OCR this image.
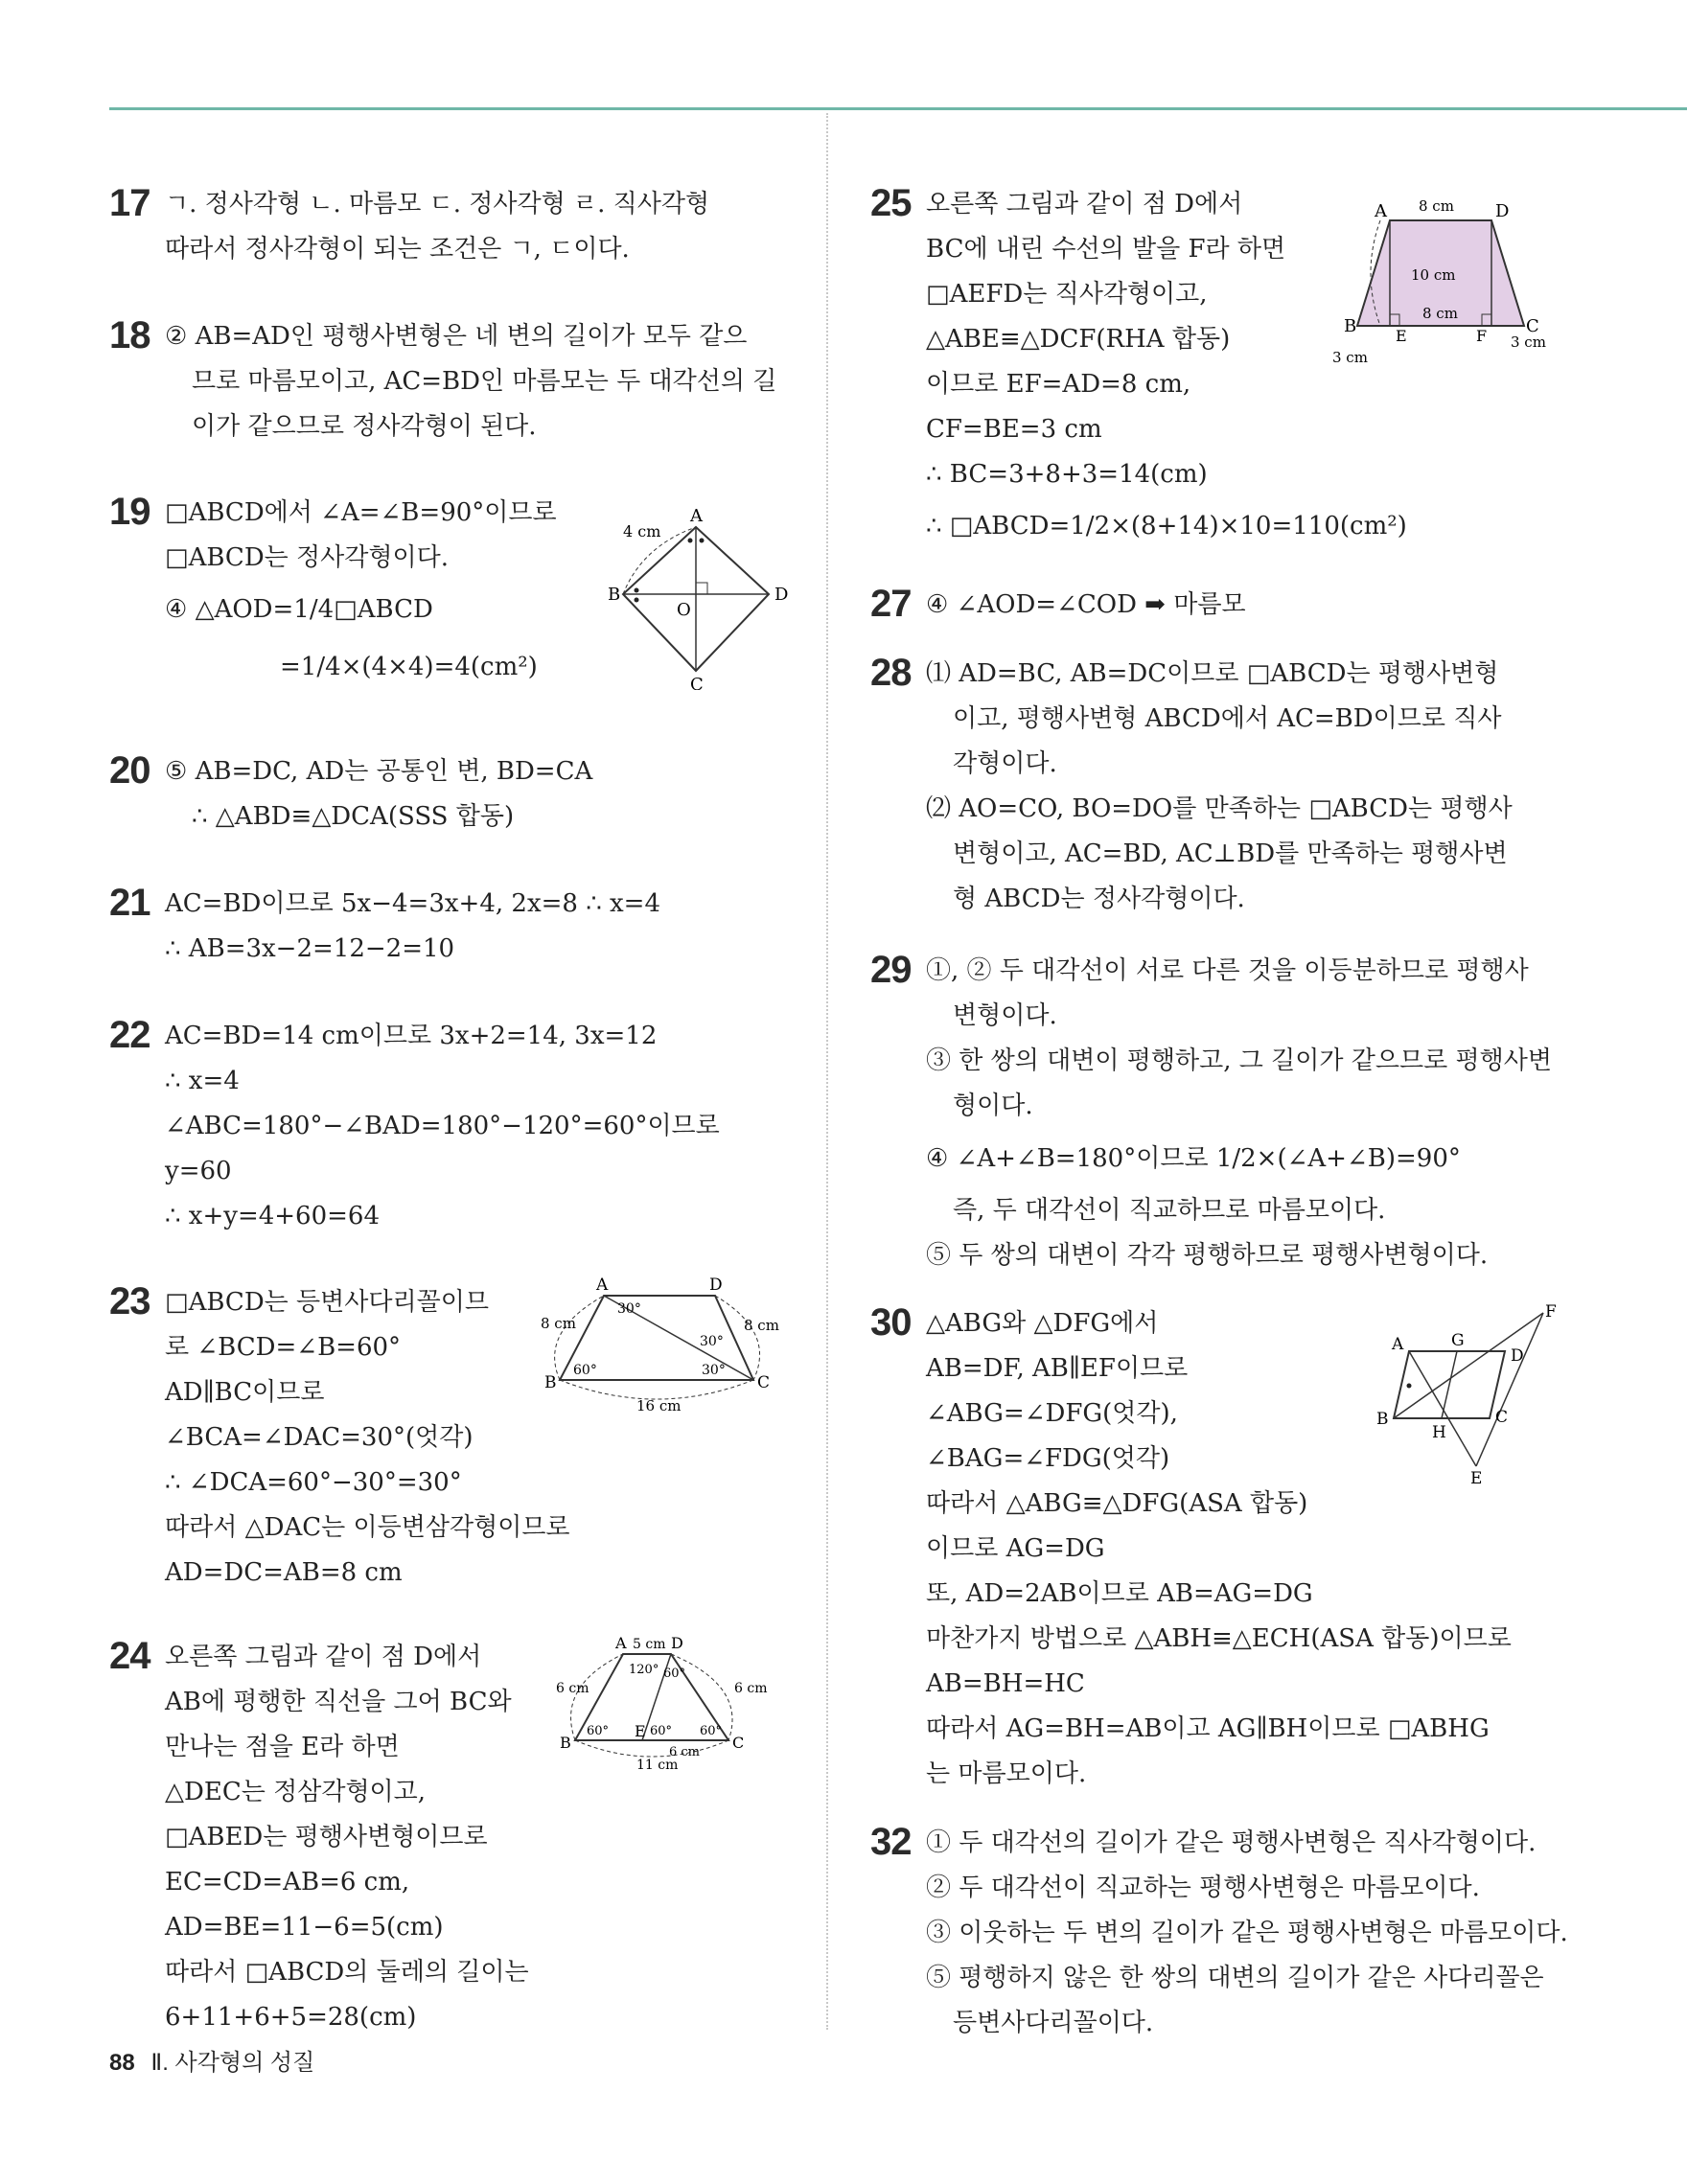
17 ㄱ. 정사각형 ㄴ. 마름모 ㄷ. 정사각형 ㄹ. 직사각형
따라서 정사각형이 되는 조건은 ㄱ, ㄷ이다.
18 ② AB=AD인 평행사변형은 네 변의 길이가 모두 같으
므로 마름모이고, AC=BD인 마름모는 두 대각선의 길
이가 같으므로 정사각형이 된다.
19 □ABCD에서 ∠A=∠B=90°이므로
□ABCD는 정사각형이다.
④ △AOD=1/4□ABCD
=1/4×(4×4)=4(cm²)
20 ⑤ AB=DC, AD는 공통인 변, BD=CA
∴ △ABD≡△DCA(SSS 합동)
21 AC=BD이므로 5x−4=3x+4, 2x=8 ∴ x=4
∴ AB=3x−2=12−2=10
22 AC=BD=14 cm이므로 3x+2=14, 3x=12
∴ x=4
∠ABC=180°−∠BAD=180°−120°=60°이므로
y=60
∴ x+y=4+60=64
23 □ABCD는 등변사다리꼴이므
로 ∠BCD=∠B=60°
AD∥BC이므로
∠BCA=∠DAC=30°(엇각)
∴ ∠DCA=60°−30°=30°
따라서 △DAC는 이등변삼각형이므로
AD=DC=AB=8 cm
24 오른쪽 그림과 같이 점 D에서
AB에 평행한 직선을 그어 BC와
만나는 점을 E라 하면
△DEC는 정삼각형이고,
□ABED는 평행사변형이므로
EC=CD=AB=6 cm,
AD=BE=11−6=5(cm)
따라서 □ABCD의 둘레의 길이는
6+11+6+5=28(cm)
A
B
C
D
O
4 cm
A	D
B	C
8 cm	8 cm
30°
30°
30°
60°
16 cm
A	D
B	C
E
5 cm
6 cm	6 cm
120° 60°
60°	60° 60°
6 cm
11 cm
25 오른쪽 그림과 같이 점 D에서
BC에 내린 수선의 발을 F라 하면
□AEFD는 직사각형이고,
△ABE≡△DCF(RHA 합동)
이므로 EF=AD=8 cm,
CF=BE=3 cm
∴ BC=3+8+3=14(cm)
∴ □ABCD=1/2×(8+14)×10=110(cm²)
27 ④ ∠AOD=∠COD ➡ 마름모
28 ⑴ AD=BC, AB=DC이므로 □ABCD는 평행사변형
이고, 평행사변형 ABCD에서 AC=BD이므로 직사
각형이다.
⑵ AO=CO, BO=DO를 만족하는 □ABCD는 평행사
변형이고, AC=BD, AC⊥BD를 만족하는 평행사변
형 ABCD는 정사각형이다.
29 ①, ② 두 대각선이 서로 다른 것을 이등분하므로 평행사
변형이다.
③ 한 쌍의 대변이 평행하고, 그 길이가 같으므로 평행사변
형이다.
④ ∠A+∠B=180°이므로 1/2×(∠A+∠B)=90°
즉, 두 대각선이 직교하므로 마름모이다.
⑤ 두 쌍의 대변이 각각 평행하므로 평행사변형이다.
30 △ABG와 △DFG에서
AB=DF, AB∥EF이므로
∠ABG=∠DFG(엇각),
∠BAG=∠FDG(엇각)
따라서 △ABG≡△DFG(ASA 합동)
이므로 AG=DG
또, AD=2AB이므로 AB=AG=DG
마찬가지 방법으로 △ABH≡△ECH(ASA 합동)이므로
AB=BH=HC
따라서 AG=BH=AB이고 AG∥BH이므로 □ABHG
는 마름모이다.
32 ① 두 대각선의 길이가 같은 평행사변형은 직사각형이다.
② 두 대각선이 직교하는 평행사변형은 마름모이다.
③ 이웃하는 두 변의 길이가 같은 평행사변형은 마름모이다.
⑤ 평행하지 않은 한 쌍의 대변의 길이가 같은 사다리꼴은
등변사다리꼴이다.
A	D
B	E	F C
8 cm
10 cm
8 cm
3 cm
3 cm
F
A	G
D
B
H
C
E
88 Ⅱ. 사각형의 성질
